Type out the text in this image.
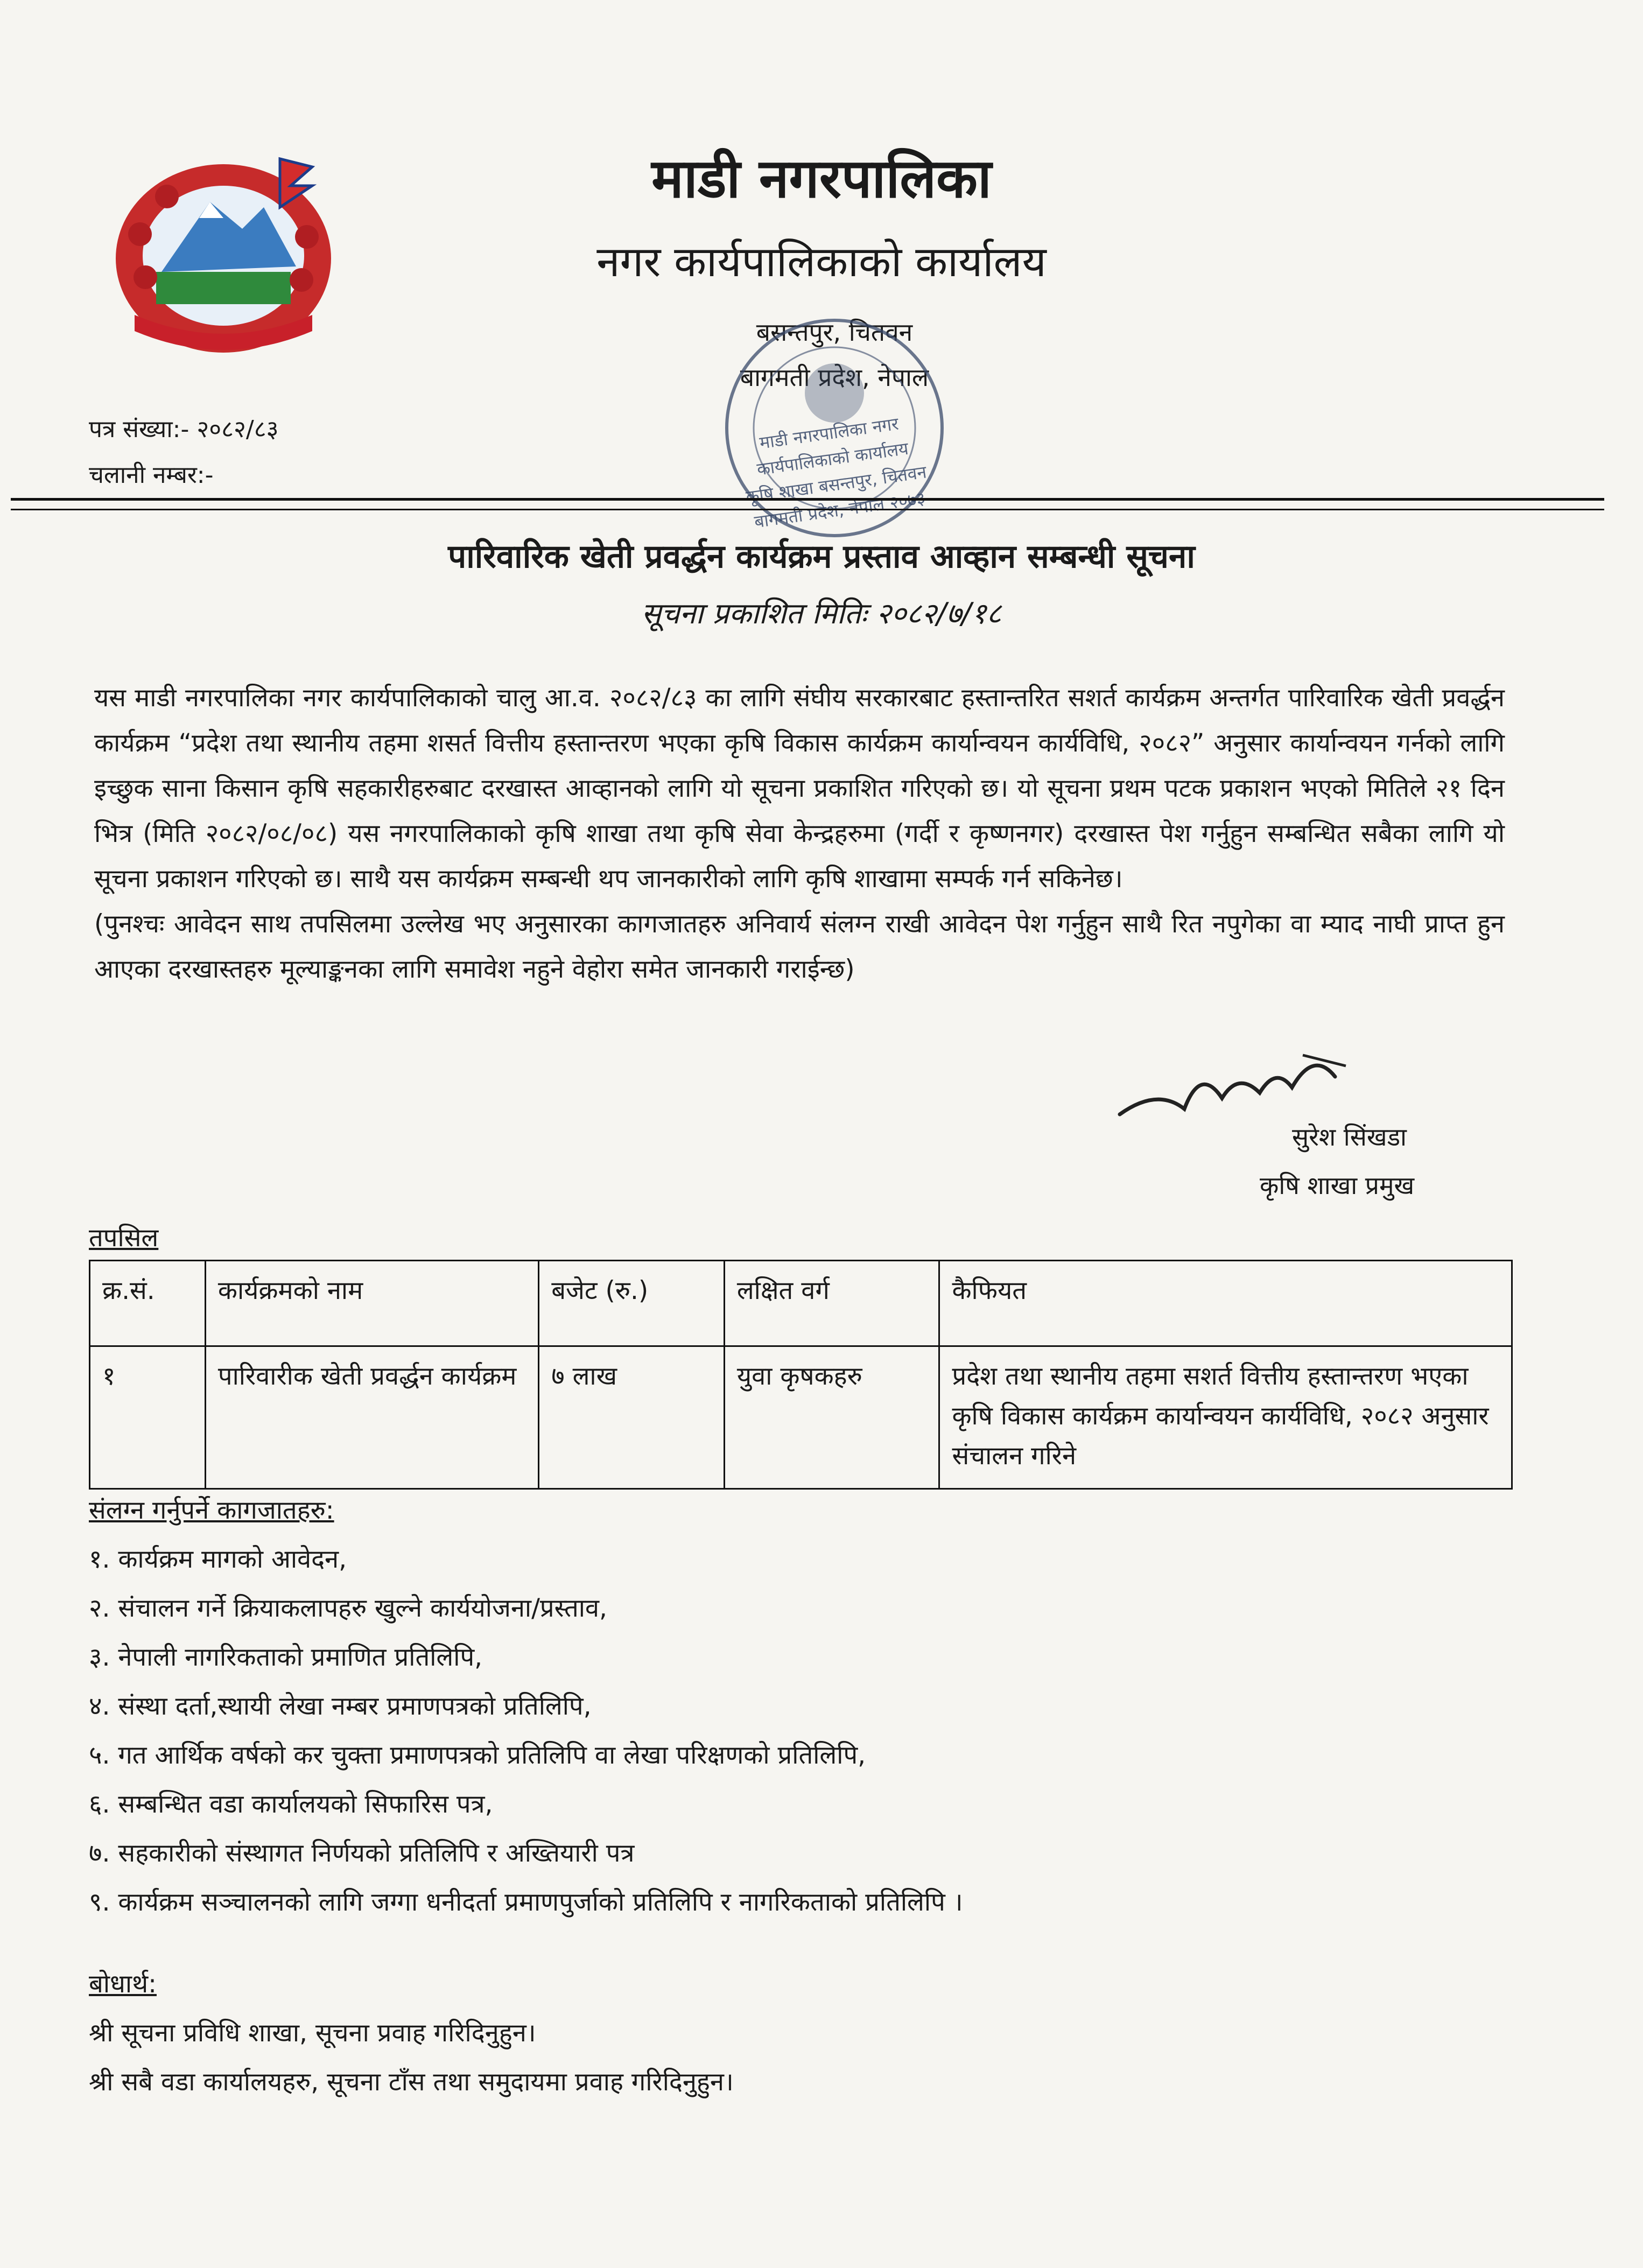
माडी नगरपालिका
नगर कार्यपालिकाको कार्यालय
बसन्तपुर, चितवन
बागमती प्रदेश, नेपाल
माडी नगरपालिका नगर कार्यपालिकाको कार्यालय कृषि शाखा बसन्तपुर, चितवन बागमती प्रदेश, नेपाल २०७३
पत्र संख्या:- २०८२/८३
चलानी नम्बर:-
पारिवारिक खेती प्रवर्द्धन कार्यक्रम प्रस्ताव आव्हान सम्बन्धी सूचना
सूचना प्रकाशित मितिः २०८२/७/१८
यस माडी नगरपालिका नगर कार्यपालिकाको चालु आ.व. २०८२/८३ का लागि संघीय सरकारबाट हस्तान्तरित सशर्त कार्यक्रम अन्तर्गत पारिवारिक खेती प्रवर्द्धन कार्यक्रम “प्रदेश तथा स्थानीय तहमा शसर्त वित्तीय हस्तान्तरण भएका कृषि विकास कार्यक्रम कार्यान्वयन कार्यविधि, २०८२” अनुसार कार्यान्वयन गर्नको लागि इच्छुक साना किसान कृषि सहकारीहरुबाट दरखास्त आव्हानको लागि यो सूचना प्रकाशित गरिएको छ। यो सूचना प्रथम पटक प्रकाशन भएको मितिले २१ दिन भित्र (मिति २०८२/०८/०८) यस नगरपालिकाको कृषि शाखा तथा कृषि सेवा केन्द्रहरुमा (गर्दी र कृष्णनगर) दरखास्त पेश गर्नुहुन सम्बन्धित सबैका लागि यो सूचना प्रकाशन गरिएको छ। साथै यस कार्यक्रम सम्बन्धी थप जानकारीको लागि कृषि शाखामा सम्पर्क गर्न सकिनेछ।
(पुनश्चः आवेदन साथ तपसिलमा उल्लेख भए अनुसारका कागजातहरु अनिवार्य संलग्न राखी आवेदन पेश गर्नुहुन साथै रित नपुगेका वा म्याद नाघी प्राप्त हुन आएका दरखास्तहरु मूल्याङ्कनका लागि समावेश नहुने वेहोरा समेत जानकारी गराईन्छ)
सुरेश सिंखडा
कृषि शाखा प्रमुख
तपसिल
क्र.सं.	कार्यक्रमको नाम	बजेट (रु.)	लक्षित वर्ग	कैफियत
१	पारिवारीक खेती प्रवर्द्धन कार्यक्रम	७ लाख	युवा कृषकहरु	प्रदेश तथा स्थानीय तहमा सशर्त वित्तीय हस्तान्तरण भएका कृषि विकास कार्यक्रम कार्यान्वयन कार्यविधि, २०८२ अनुसार संचालन गरिने
संलग्न गर्नुपर्ने कागजातहरु:
१. कार्यक्रम मागको आवेदन,
२. संचालन गर्ने क्रियाकलापहरु खुल्ने कार्ययोजना/प्रस्ताव,
३. नेपाली नागरिकताको प्रमाणित प्रतिलिपि,
४. संस्था दर्ता,स्थायी लेखा नम्बर प्रमाणपत्रको प्रतिलिपि,
५. गत आर्थिक वर्षको कर चुक्ता प्रमाणपत्रको प्रतिलिपि वा लेखा परिक्षणको प्रतिलिपि,
६. सम्बन्धित वडा कार्यालयको सिफारिस पत्र,
७. सहकारीको संस्थागत निर्णयको प्रतिलिपि र अख्तियारी पत्र
९. कार्यक्रम सञ्चालनको लागि जग्गा धनीदर्ता प्रमाणपुर्जाको प्रतिलिपि र नागरिकताको प्रतिलिपि ।
बोधार्थ:
श्री सूचना प्रविधि शाखा, सूचना प्रवाह गरिदिनुहुन।
श्री सबै वडा कार्यालयहरु, सूचना टाँस तथा समुदायमा प्रवाह गरिदिनुहुन।
